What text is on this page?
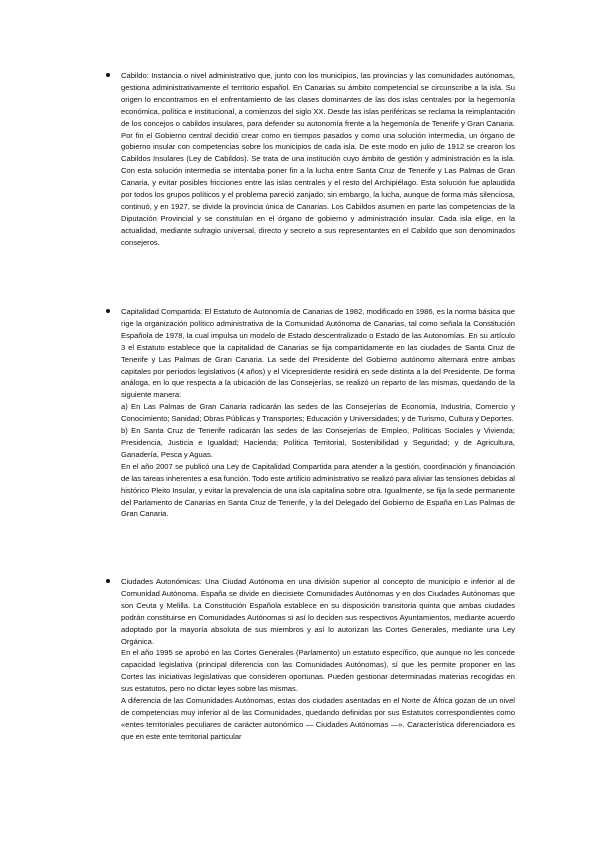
Cabildo: Instancia o nivel administrativo que, junto con los municipios, las provincias y las comunidades autónomas, gestiona administrativamente el territorio español. En Canarias su ámbito competencial se circunscribe a la isla. Su origen lo encontramos en el enfrentamiento de las clases dominantes de las dos islas centrales por la hegemonía económica, política e institucional, a comienzos del siglo XX. Desde las islas periféricas se reclama la reimplantación de los concejos o cabildos insulares, para defender su autonomía frente a la hegemonía de Tenerife y Gran Canaria. Por fin el Gobierno central decidió crear como en tiempos pasados y como una solución intermedia, un órgano de gobierno insular con competencias sobre los municipios de cada isla. De este modo en julio de 1912 se crearon los Cabildos Insulares (Ley de Cabildos). Se trata de una institución cuyo ámbito de gestión y administración es la isla. Con esta solución intermedia se intentaba poner fin a la lucha entre Santa Cruz de Tenerife y Las Palmas de Gran Canaria, y evitar posibles fricciones entre las islas centrales y el resto del Archipiélago. Esta solución fue aplaudida por todos los grupos políticos y el problema pareció zanjado; sin embargo, la lucha, aunque de forma más silenciosa, continuó, y en 1927, se divide la provincia única de Canarias. Los Cabildos asumen en parte las competencias de la Diputación Provincial y se constituían en el órgano de gobierno y administración insular. Cada isla elige, en la actualidad, mediante sufragio universal, directo y secreto a sus representantes en el Cabildo que son denominados consejeros.

Capitalidad Compartida: El Estatuto de Autonomía de Canarias de 1982, modificado en 1986, es la norma básica que rige la organización político administrativa de la Comunidad Autónoma de Canarias, tal como señala la Constitución Española de 1978, la cual impulsa un modelo de Estado descentralizado o Estado de las Autonomías. En su artículo 3 el Estatuto establece que la capitalidad de Canarias se fija compartidamente en las ciudades de Santa Cruz de Tenerife y Las Palmas de Gran Canaria. La sede del Presidente del Gobierno autónomo alternará entre ambas capitales por períodos legislativos (4 años) y el Vicepresidente residirá en sede distinta a la del Presidente. De forma análoga, en lo que respecta a la ubicación de las Consejerías, se realizó un reparto de las mismas, quedando de la siguiente manera:

a) En Las Palmas de Gran Canaria radicarán las sedes de las Consejerías de Economía, Industria, Comercio y Conocimiento; Sanidad; Obras Públicas y Transportes; Educación y Universidades; y de Turismo, Cultura y Deportes.

b) En Santa Cruz de Tenerife radicarán las sedes de las Consejerías de Empleo, Políticas Sociales y Vivienda; Presidencia, Justicia e Igualdad; Hacienda; Política Territorial, Sostenibilidad y Seguridad; y de Agricultura, Ganadería, Pesca y Aguas.

En el año 2007 se publicó una Ley de Capitalidad Compartida para atender a la gestión, coordinación y financiación de las tareas inherentes a esa función. Todo este artificio administrativo se realizó para aliviar las tensiones debidas al histórico Pleito Insular, y evitar la prevalencia de una isla capitalina sobre otra. Igualmente, se fija la sede permanente del Parlamento de Canarias en Santa Cruz de Tenerife, y la del Delegado del Gobierno de España en Las Palmas de Gran Canaria.

Ciudades Autonómicas: Una Ciudad Autónoma en una división superior al concepto de municipio e inferior al de Comunidad Autónoma. España se divide en diecisiete Comunidades Autónomas y en dos Ciudades Autónomas que son Ceuta y Melilla. La Constitución Española establece en su disposición transitoria quinta que ambas ciudades podrán constituirse en Comunidades Autónomas si así lo deciden sus respectivos Ayuntamientos, mediante acuerdo adoptado por la mayoría absoluta de sus miembros y así lo autorizan las Cortes Generales, mediante una Ley Orgánica.

En el año 1995 se aprobó en las Cortes Generales (Parlamento) un estatuto específico, que aunque no les concede capacidad legislativa (principal diferencia con las Comunidades Autónomas), sí que les permite proponer en las Cortes las iniciativas legislativas que consideren oportunas. Pueden gestionar determinadas materias recogidas en sus estatutos, pero no dictar leyes sobre las mismas.

A diferencia de las Comunidades Autónomas, estas dos ciudades asentadas en el Norte de África gozan de un nivel de competencias muy inferior al de las Comunidades, quedando definidas por sus Estatutos correspondientes como «entes territoriales peculiares de carácter autonómico — Ciudades Autónomas —». Característica diferenciadora es que en este ente territorial particular
